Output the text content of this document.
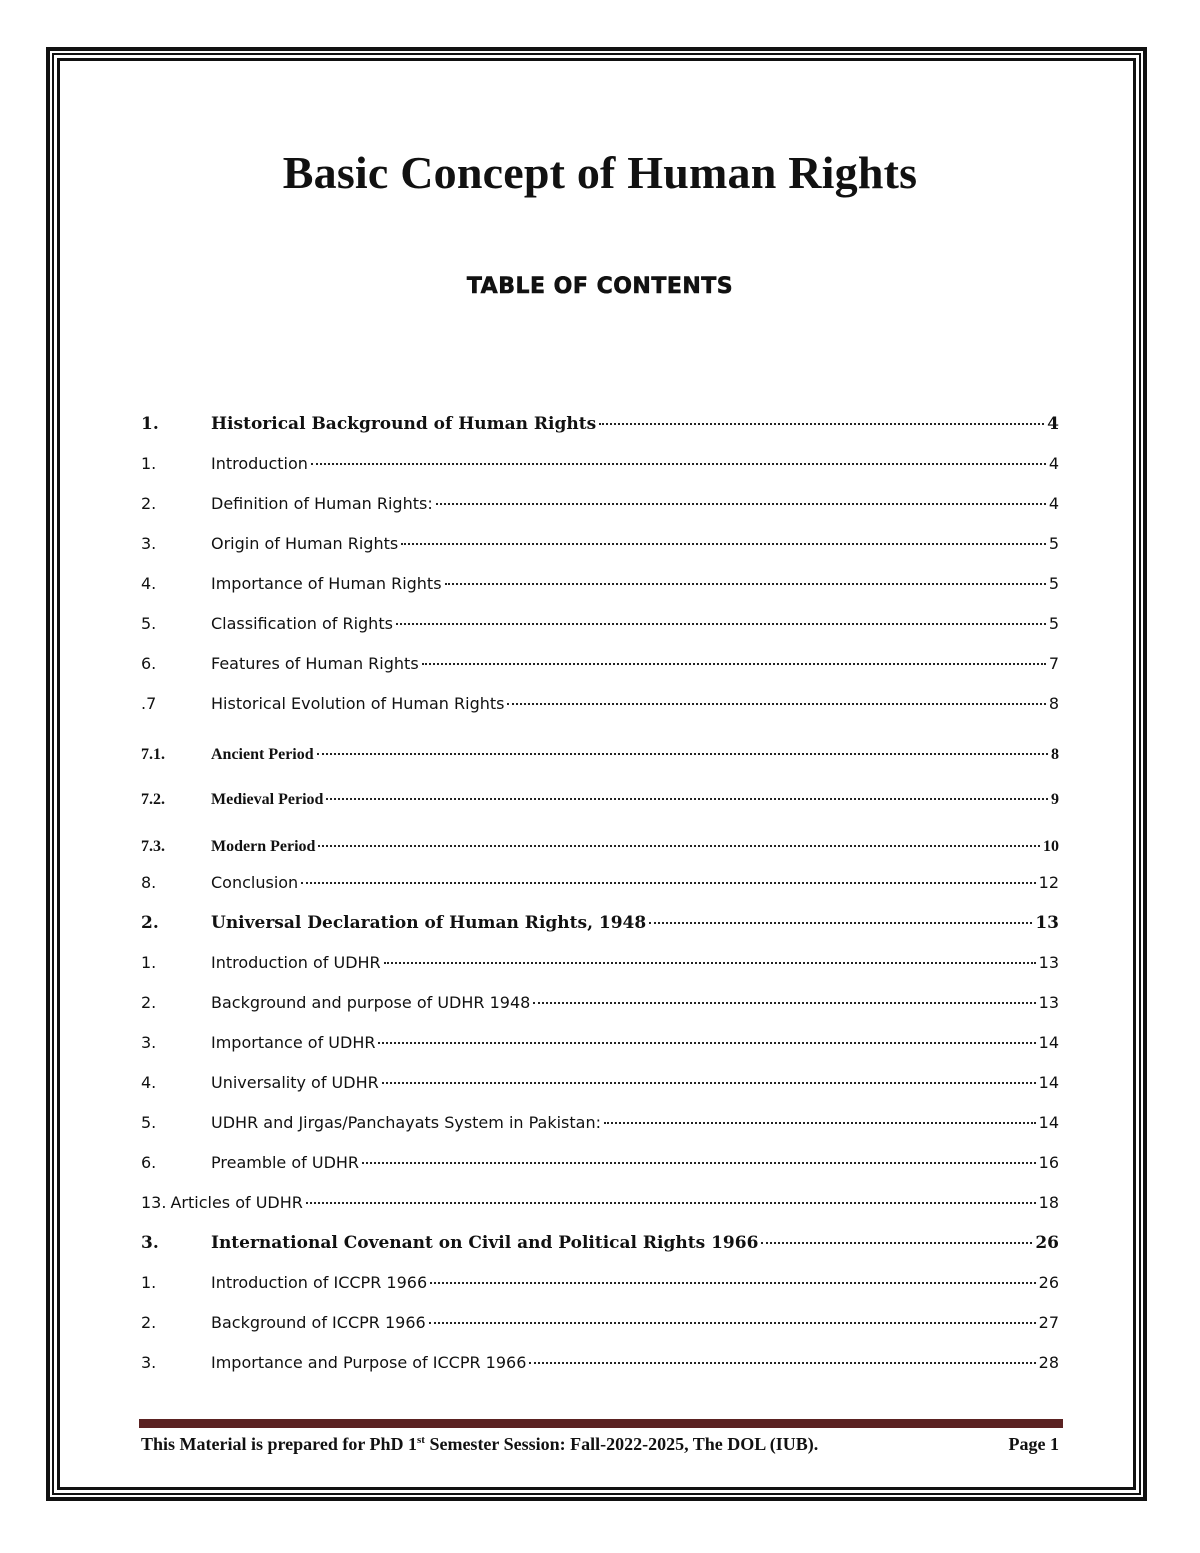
Basic Concept of Human Rights
TABLE OF CONTENTS
1.	Historical Background of Human Rights	4
1.	Introduction	4
2.	Definition of Human Rights:	4
3.	Origin of Human Rights	5
4.	Importance of Human Rights	5
5.	Classification of Rights	5
6.	Features of Human Rights	7
.7	Historical Evolution of Human Rights	8
7.1.	Ancient Period	8
7.2.	Medieval Period	9
7.3.	Modern Period	10
8.	Conclusion	12
2.	Universal Declaration of Human Rights, 1948	13
1.	Introduction of UDHR	13
2.	Background and purpose of UDHR 1948	13
3.	Importance of UDHR	14
4.	Universality of UDHR	14
5.	UDHR and Jirgas/Panchayats System in Pakistan:	14
6.	Preamble of UDHR	16
13. Articles of UDHR	18
3.	International Covenant on Civil and Political Rights 1966	26
1.	Introduction of ICCPR 1966	26
2.	Background of ICCPR 1966	27
3.	Importance and Purpose of ICCPR 1966	28
This Material is prepared for PhD 1st Semester Session: Fall-2022-2025, The DOL (IUB).	Page 1
